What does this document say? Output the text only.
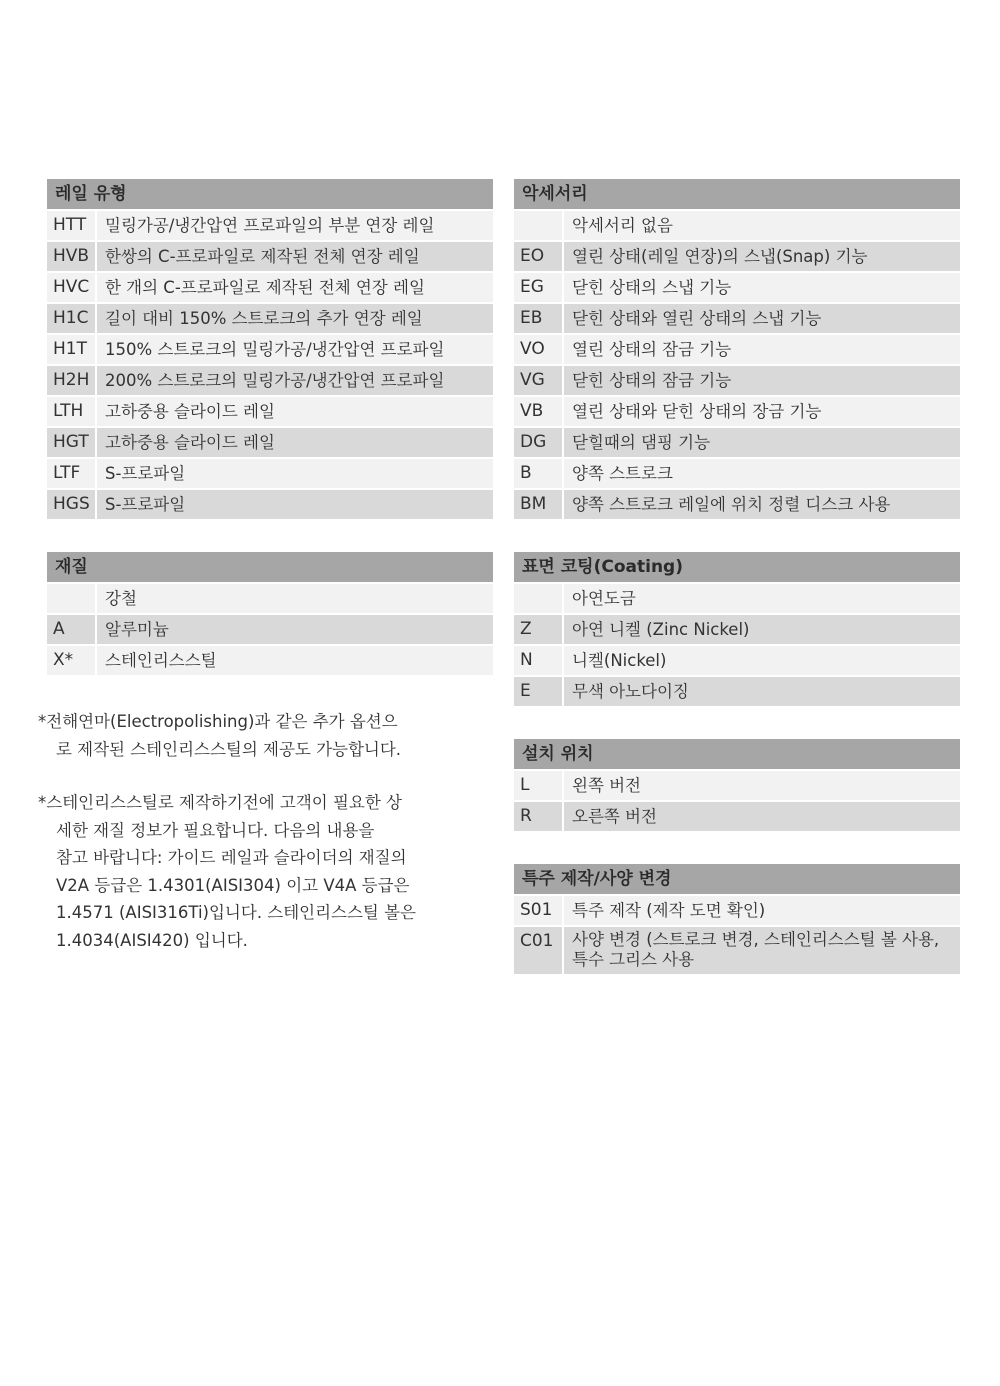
레일 유형
HTT	밀링가공/냉간압연 프로파일의 부분 연장 레일
HVB 한쌍의 C-프로파일로 제작된 전체 연장 레일
HVC 한 개의 C-프로파일로 제작된 전체 연장 레일
H1C	길이 대비 150% 스트로크의 추가 연장 레일
H1T	150% 스트로크의 밀링가공/냉간압연 프로파일
H2H 200% 스트로크의 밀링가공/냉간압연 프로파일
LTH	고하중용 슬라이드 레일
HGT 고하중용 슬라이드 레일
LTF	S-프로파일
HGS S-프로파일
재질
강철
A	알루미늄
X*	스테인리스스틸

*전해연마(Electropolishing)과 같은 추가 옵션으

로 제작된 스테인리스스틸의 제공도 가능합니다.

*스테인리스스틸로 제작하기전에 고객이 필요한 상

세한 재질 정보가 필요합니다. 다음의 내용을

참고 바랍니다: 가이드 레일과 슬라이더의 재질의

V2A 등급은 1.4301(AISI304) 이고 V4A 등급은

1.4571 (AISI316Ti)입니다. 스테인리스스틸 볼은

1.4034(AISI420) 입니다.

악세서리
악세서리 없음
EO	열린 상태(레일 연장)의 스냅(Snap) 기능
EG	닫힌 상태의 스냅 기능
EB	닫힌 상태와 열린 상태의 스냅 기능
VO	열린 상태의 잠금 기능
VG	닫힌 상태의 잠금 기능
VB	열린 상태와 닫힌 상태의 장금 기능
DG	닫힐때의 댐핑 기능
B	양쪽 스트로크
BM	양쪽 스트로크 레일에 위치 정렬 디스크 사용
표면 코팅(Coating)
아연도금
Z	아연 니켈 (Zinc Nickel)
N	니켈(Nickel)
E	무색 아노다이징
설치 위치
L	왼쪽 버전
R	오른쪽 버전
특주 제작/사양 변경
S01	특주 제작 (제작 도면 확인)
C01	사양 변경 (스트로크 변경, 스테인리스스틸 볼 사용, 특수 그리스 사용
